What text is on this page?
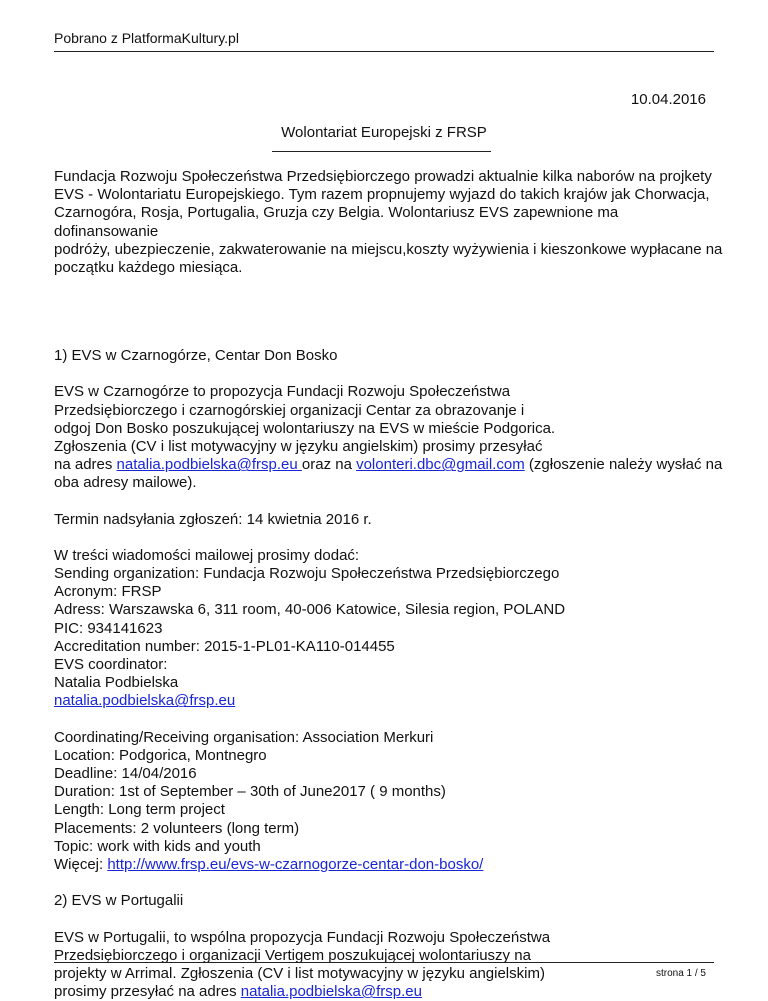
Pobrano z PlatformaKultury.pl
10.04.2016
Wolontariat Europejski z FRSP

Fundacja Rozwoju Społeczeństwa Przedsiębiorczego prowadzi aktualnie kilka naborów na projkety

EVS - Wolontariatu Europejskiego. Tym razem propnujemy wyjazd do takich krajów jak Chorwacja,

Czarnogóra, Rosja, Portugalia, Gruzja czy Belgia. Wolontariusz EVS zapewnione ma dofinansowanie

podróży, ubezpieczenie, zakwaterowanie na miejscu,koszty wyżywienia i kieszonkowe wypłacane na

początku każdego miesiąca.

1) EVS w Czarnogórze, Centar Don Bosko

EVS w Czarnogórze to propozycja Fundacji Rozwoju Społeczeństwa

Przedsiębiorczego i czarnogórskiej organizacji Centar za obrazovanje i

odgoj Don Bosko poszukującej wolontariuszy na EVS w mieście Podgorica.

Zgłoszenia (CV i list motywacyjny w języku angielskim) prosimy przesyłać

na adres natalia.podbielska@frsp.eu oraz na volonteri.dbc@gmail.com (zgłoszenie należy wysłać na

oba adresy mailowe).

Termin nadsyłania zgłoszeń: 14 kwietnia 2016 r.

W treści wiadomości mailowej prosimy dodać:

Sending organization: Fundacja Rozwoju Społeczeństwa Przedsiębiorczego

Acronym: FRSP

Adress: Warszawska 6, 311 room, 40-006 Katowice, Silesia region, POLAND

PIC: 934141623

Accreditation number: 2015-1-PL01-KA110-014455

EVS coordinator:

Natalia Podbielska

natalia.podbielska@frsp.eu

Coordinating/Receiving organisation: Association Merkuri

Location: Podgorica, Montnegro

Deadline: 14/04/2016

Duration: 1st of September – 30th of June2017 ( 9 months)

Length: Long term project

Placements: 2 volunteers (long term)

Topic: work with kids and youth

Więcej: http://www.frsp.eu/evs-w-czarnogorze-centar-don-bosko/

2) EVS w Portugalii

EVS w Portugalii, to wspólna propozycja Fundacji Rozwoju Społeczeństwa

Przedsiębiorczego i organizacji Vertigem poszukującej wolontariuszy na

projekty w Arrimal. Zgłoszenia (CV i list motywacyjny w języku angielskim)

prosimy przesyłać na adres natalia.podbielska@frsp.eu

strona 1 / 5
